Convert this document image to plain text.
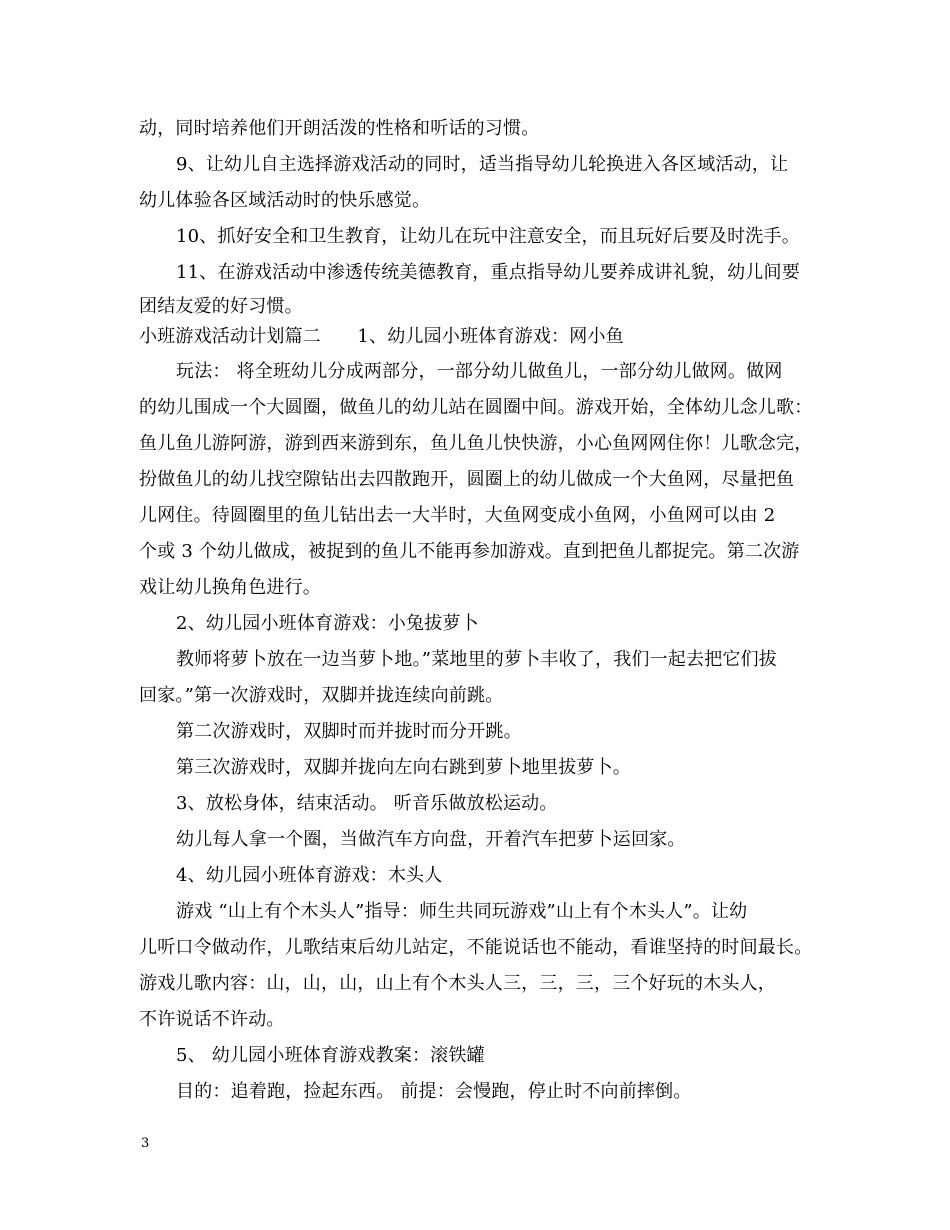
动，同时培养他们开朗活泼的性格和听话的习惯。
9、让幼儿自主选择游戏活动的同时，适当指导幼儿轮换进入各区域活动，让
幼儿体验各区域活动时的快乐感觉。
10、抓好安全和卫生教育，让幼儿在玩中注意安全，而且玩好后要及时洗手。
11、在游戏活动中渗透传统美德教育，重点指导幼儿要养成讲礼貌，幼儿间要
团结友爱的好习惯。
小班游戏活动计划篇二　　1、幼儿园小班体育游戏：网小鱼
玩法： 将全班幼儿分成两部分，一部分幼儿做鱼儿，一部分幼儿做网。做网
的幼儿围成一个大圆圈，做鱼儿的幼儿站在圆圈中间。游戏开始，全体幼儿念儿歌：
鱼儿鱼儿游阿游，游到西来游到东，鱼儿鱼儿快快游，小心鱼网网住你！儿歌念完，
扮做鱼儿的幼儿找空隙钻出去四散跑开，圆圈上的幼儿做成一个大鱼网，尽量把鱼
儿网住。待圆圈里的鱼儿钻出去一大半时，大鱼网变成小鱼网，小鱼网可以由 2
个或 3 个幼儿做成，被捉到的鱼儿不能再参加游戏。直到把鱼儿都捉完。第二次游
戏让幼儿换角色进行。
2、幼儿园小班体育游戏：小兔拔萝卜
教师将萝卜放在一边当萝卜地。”菜地里的萝卜丰收了，我们一起去把它们拔
回家。”第一次游戏时，双脚并拢连续向前跳。
第二次游戏时，双脚时而并拢时而分开跳。
第三次游戏时，双脚并拢向左向右跳到萝卜地里拔萝卜。
3、放松身体，结束活动。 听音乐做放松运动。
幼儿每人拿一个圈，当做汽车方向盘，开着汽车把萝卜运回家。
4、幼儿园小班体育游戏：木头人
游戏 “山上有个木头人”指导：师生共同玩游戏”山上有个木头人”。让幼
儿听口令做动作，儿歌结束后幼儿站定，不能说话也不能动，看谁坚持的时间最长。
游戏儿歌内容：山，山，山，山上有个木头人三，三，三，三个好玩的木头人，
不许说话不许动。
5、 幼儿园小班体育游戏教案：滚铁罐
目的：追着跑，捡起东西。 前提：会慢跑，停止时不向前摔倒。
3
